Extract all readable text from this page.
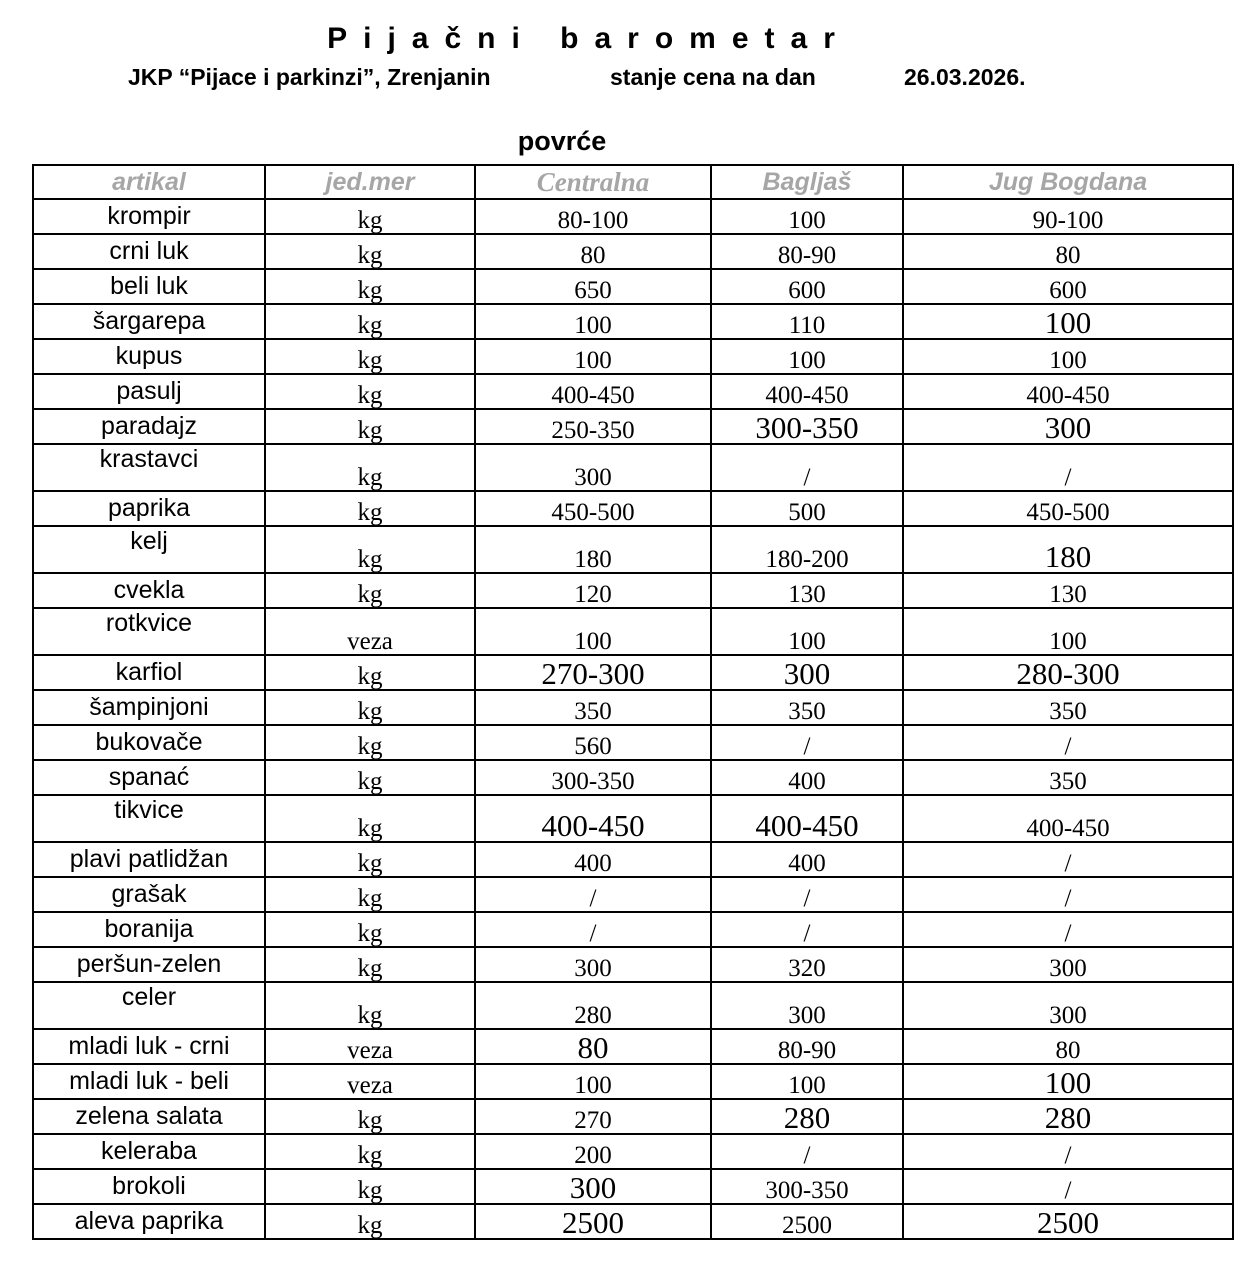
Pijačni barometar
JKP “Pijace i parkinzi”, Zrenjanin	stanje cena na dan	26.03.2026.
povrće
artikal	jed.mer	Centralna	Bagljaš	Jug Bogdana
krompir	kg	80-100	100	90-100
crni luk	kg	80	80-90	80
beli luk	kg	650	600	600
šargarepa	kg	100	110	100
kupus	kg	100	100	100
pasulj	kg	400-450	400-450	400-450
paradajz	kg	250-350	300-350	300
krastavci	kg	300	/	/
paprika	kg	450-500	500	450-500
kelj	kg	180	180-200	180
cvekla	kg	120	130	130
rotkvice	veza	100	100	100
karfiol	kg	270-300	300	280-300
šampinjoni	kg	350	350	350
bukovače	kg	560	/	/
spanać	kg	300-350	400	350
tikvice	kg	400-450	400-450	400-450
plavi patlidžan	kg	400	400	/
grašak	kg	/	/	/
boranija	kg	/	/	/
peršun-zelen	kg	300	320	300
celer	kg	280	300	300
mladi luk - crni	veza	80	80-90	80
mladi luk - beli	veza	100	100	100
zelena salata	kg	270	280	280
keleraba	kg	200	/	/
brokoli	kg	300	300-350	/
aleva paprika	kg	2500	2500	2500
